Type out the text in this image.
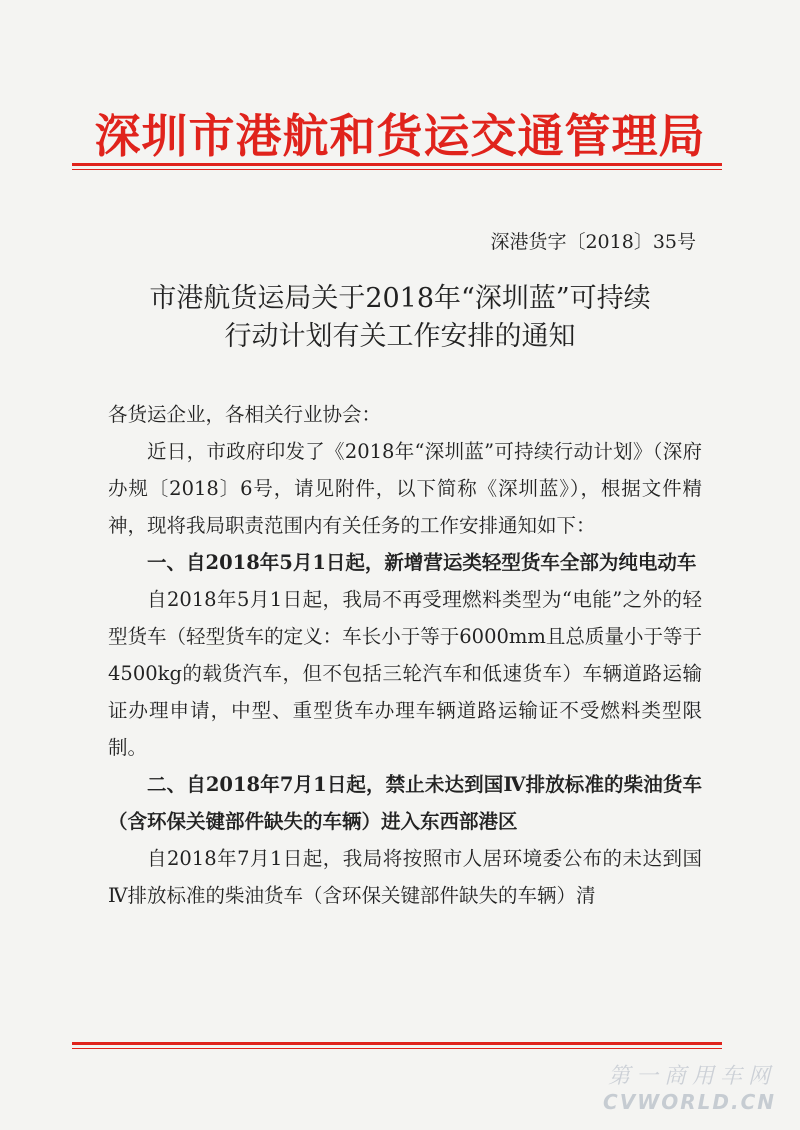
深圳市港航和货运交通管理局
深港货字〔2018〕35号
市港航货运局关于2018年“深圳蓝”可持续
行动计划有关工作安排的通知

各货运企业，各相关行业协会：

近日，市政府印发了《2018年“深圳蓝”可持续行动计划》（深府办规〔2018〕6号，请见附件，以下简称《深圳蓝》），根据文件精神，现将我局职责范围内有关任务的工作安排通知如下：

一、自2018年5月1日起，新增营运类轻型货车全部为纯电动车

自2018年5月1日起，我局不再受理燃料类型为“电能”之外的轻型货车（轻型货车的定义：车长小于等于6000mm且总质量小于等于4500kg的载货汽车，但不包括三轮汽车和低速货车）车辆道路运输证办理申请，中型、重型货车办理车辆道路运输证不受燃料类型限制。

二、自2018年7月1日起，禁止未达到国Ⅳ排放标准的柴油货车（含环保关键部件缺失的车辆）进入东西部港区

自2018年7月1日起，我局将按照市人居环境委公布的未达到国Ⅳ排放标准的柴油货车（含环保关键部件缺失的车辆）清

第一商用车网
CVWORLD.CN
